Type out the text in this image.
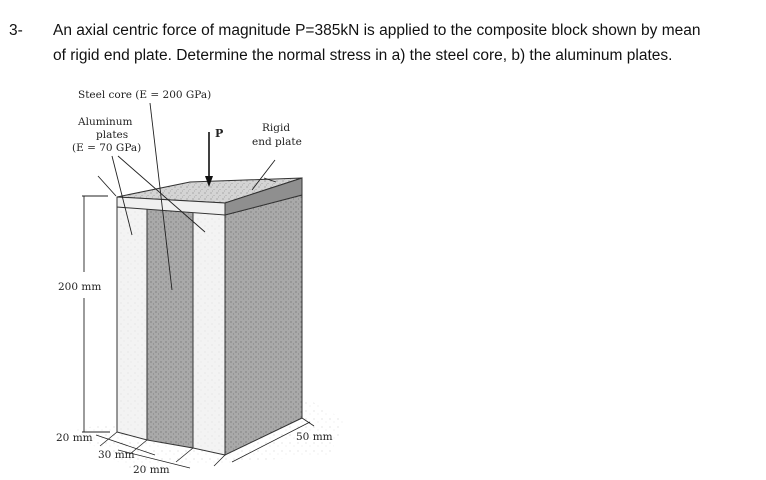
3- An axial centric force of magnitude P=385kN is applied to the composite block shown by mean
of rigid end plate. Determine the normal stress in a) the steel core, b) the aluminum plates.
P
Steel core (E = 200 GPa)
Aluminum
plates
(E = 70 GPa)
Rigid
end plate
200 mm
20 mm
30 mm
20 mm
50 mm
